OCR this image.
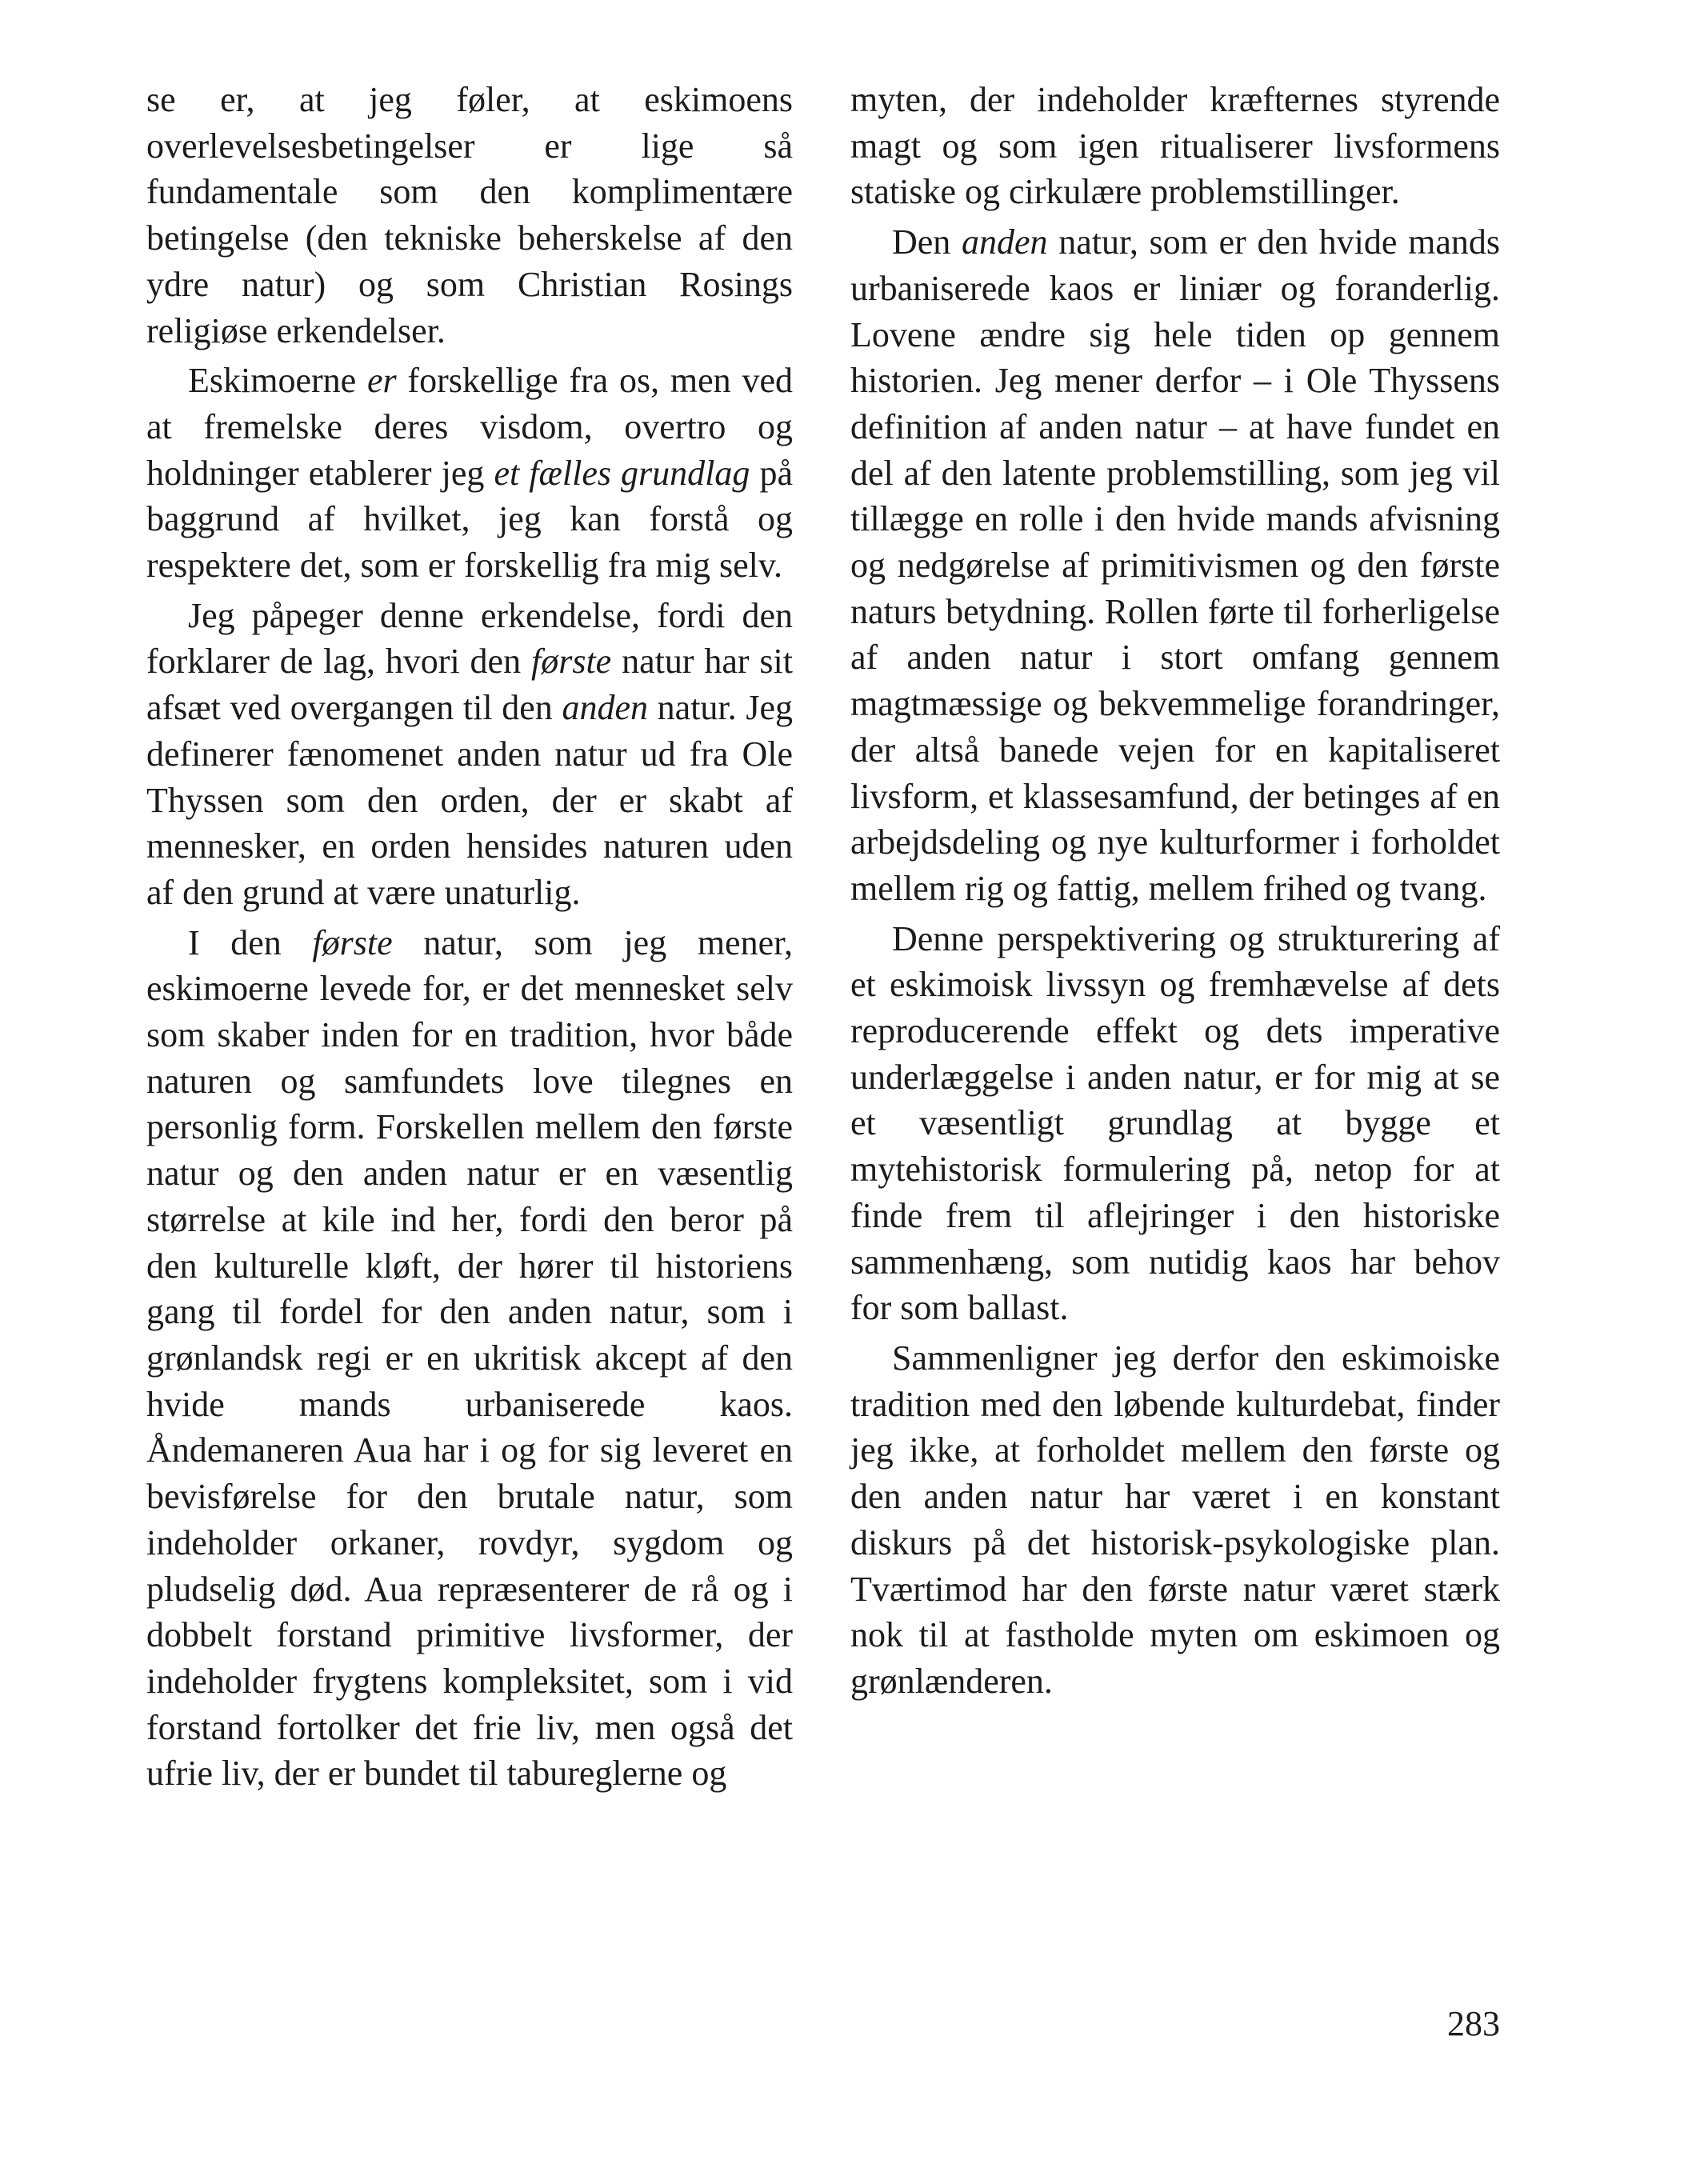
se er, at jeg føler, at eskimoens overlevelsesbetingelser er lige så fundamentale som den komplimentære betingelse (den tekniske beherskelse af den ydre natur) og som Christian Rosings religiøse erkendelser.

Eskimoerne er forskellige fra os, men ved at fremelske deres visdom, overtro og holdninger etablerer jeg et fælles grundlag på baggrund af hvilket, jeg kan forstå og respektere det, som er forskellig fra mig selv.

Jeg påpeger denne erkendelse, fordi den forklarer de lag, hvori den første natur har sit afsæt ved overgangen til den anden natur. Jeg definerer fænomenet anden natur ud fra Ole Thyssen som den orden, der er skabt af mennesker, en orden hensides naturen uden af den grund at være unaturlig.

I den første natur, som jeg mener, eskimoerne levede for, er det mennesket selv som skaber inden for en tradition, hvor både naturen og samfundets love tilegnes en personlig form. Forskellen mellem den første natur og den anden natur er en væsentlig størrelse at kile ind her, fordi den beror på den kulturelle kløft, der hører til historiens gang til fordel for den anden natur, som i grønlandsk regi er en ukritisk akcept af den hvide mands urbaniserede kaos. Åndemaneren Aua har i og for sig leveret en bevisførelse for den brutale natur, som indeholder orkaner, rovdyr, sygdom og pludselig død. Aua repræsenterer de rå og i dobbelt forstand primitive livsformer, der indeholder frygtens kompleksitet, som i vid forstand fortolker det frie liv, men også det ufrie liv, der er bundet til tabureglerne og

myten, der indeholder kræfternes styrende magt og som igen ritualiserer livsformens statiske og cirkulære problemstillinger.

Den anden natur, som er den hvide mands urbaniserede kaos er liniær og foranderlig. Lovene ændre sig hele tiden op gennem historien. Jeg mener derfor – i Ole Thyssens definition af anden natur – at have fundet en del af den latente problemstilling, som jeg vil tillægge en rolle i den hvide mands afvisning og nedgørelse af primitivismen og den første naturs betydning. Rollen førte til forherligelse af anden natur i stort omfang gennem magtmæssige og bekvemmelige forandringer, der altså banede vejen for en kapitaliseret livsform, et klassesamfund, der betinges af en arbejdsdeling og nye kulturformer i forholdet mellem rig og fattig, mellem frihed og tvang.

Denne perspektivering og strukturering af et eskimoisk livssyn og fremhævelse af dets reproducerende effekt og dets imperative underlæggelse i anden natur, er for mig at se et væsentligt grundlag at bygge et mytehistorisk formulering på, netop for at finde frem til aflejringer i den historiske sammenhæng, som nutidig kaos har behov for som ballast.

Sammenligner jeg derfor den eskimoiske tradition med den løbende kulturdebat, finder jeg ikke, at forholdet mellem den første og den anden natur har været i en konstant diskurs på det historisk-psykologiske plan. Tværtimod har den første natur været stærk nok til at fastholde myten om eskimoen og grønlænderen.

283
